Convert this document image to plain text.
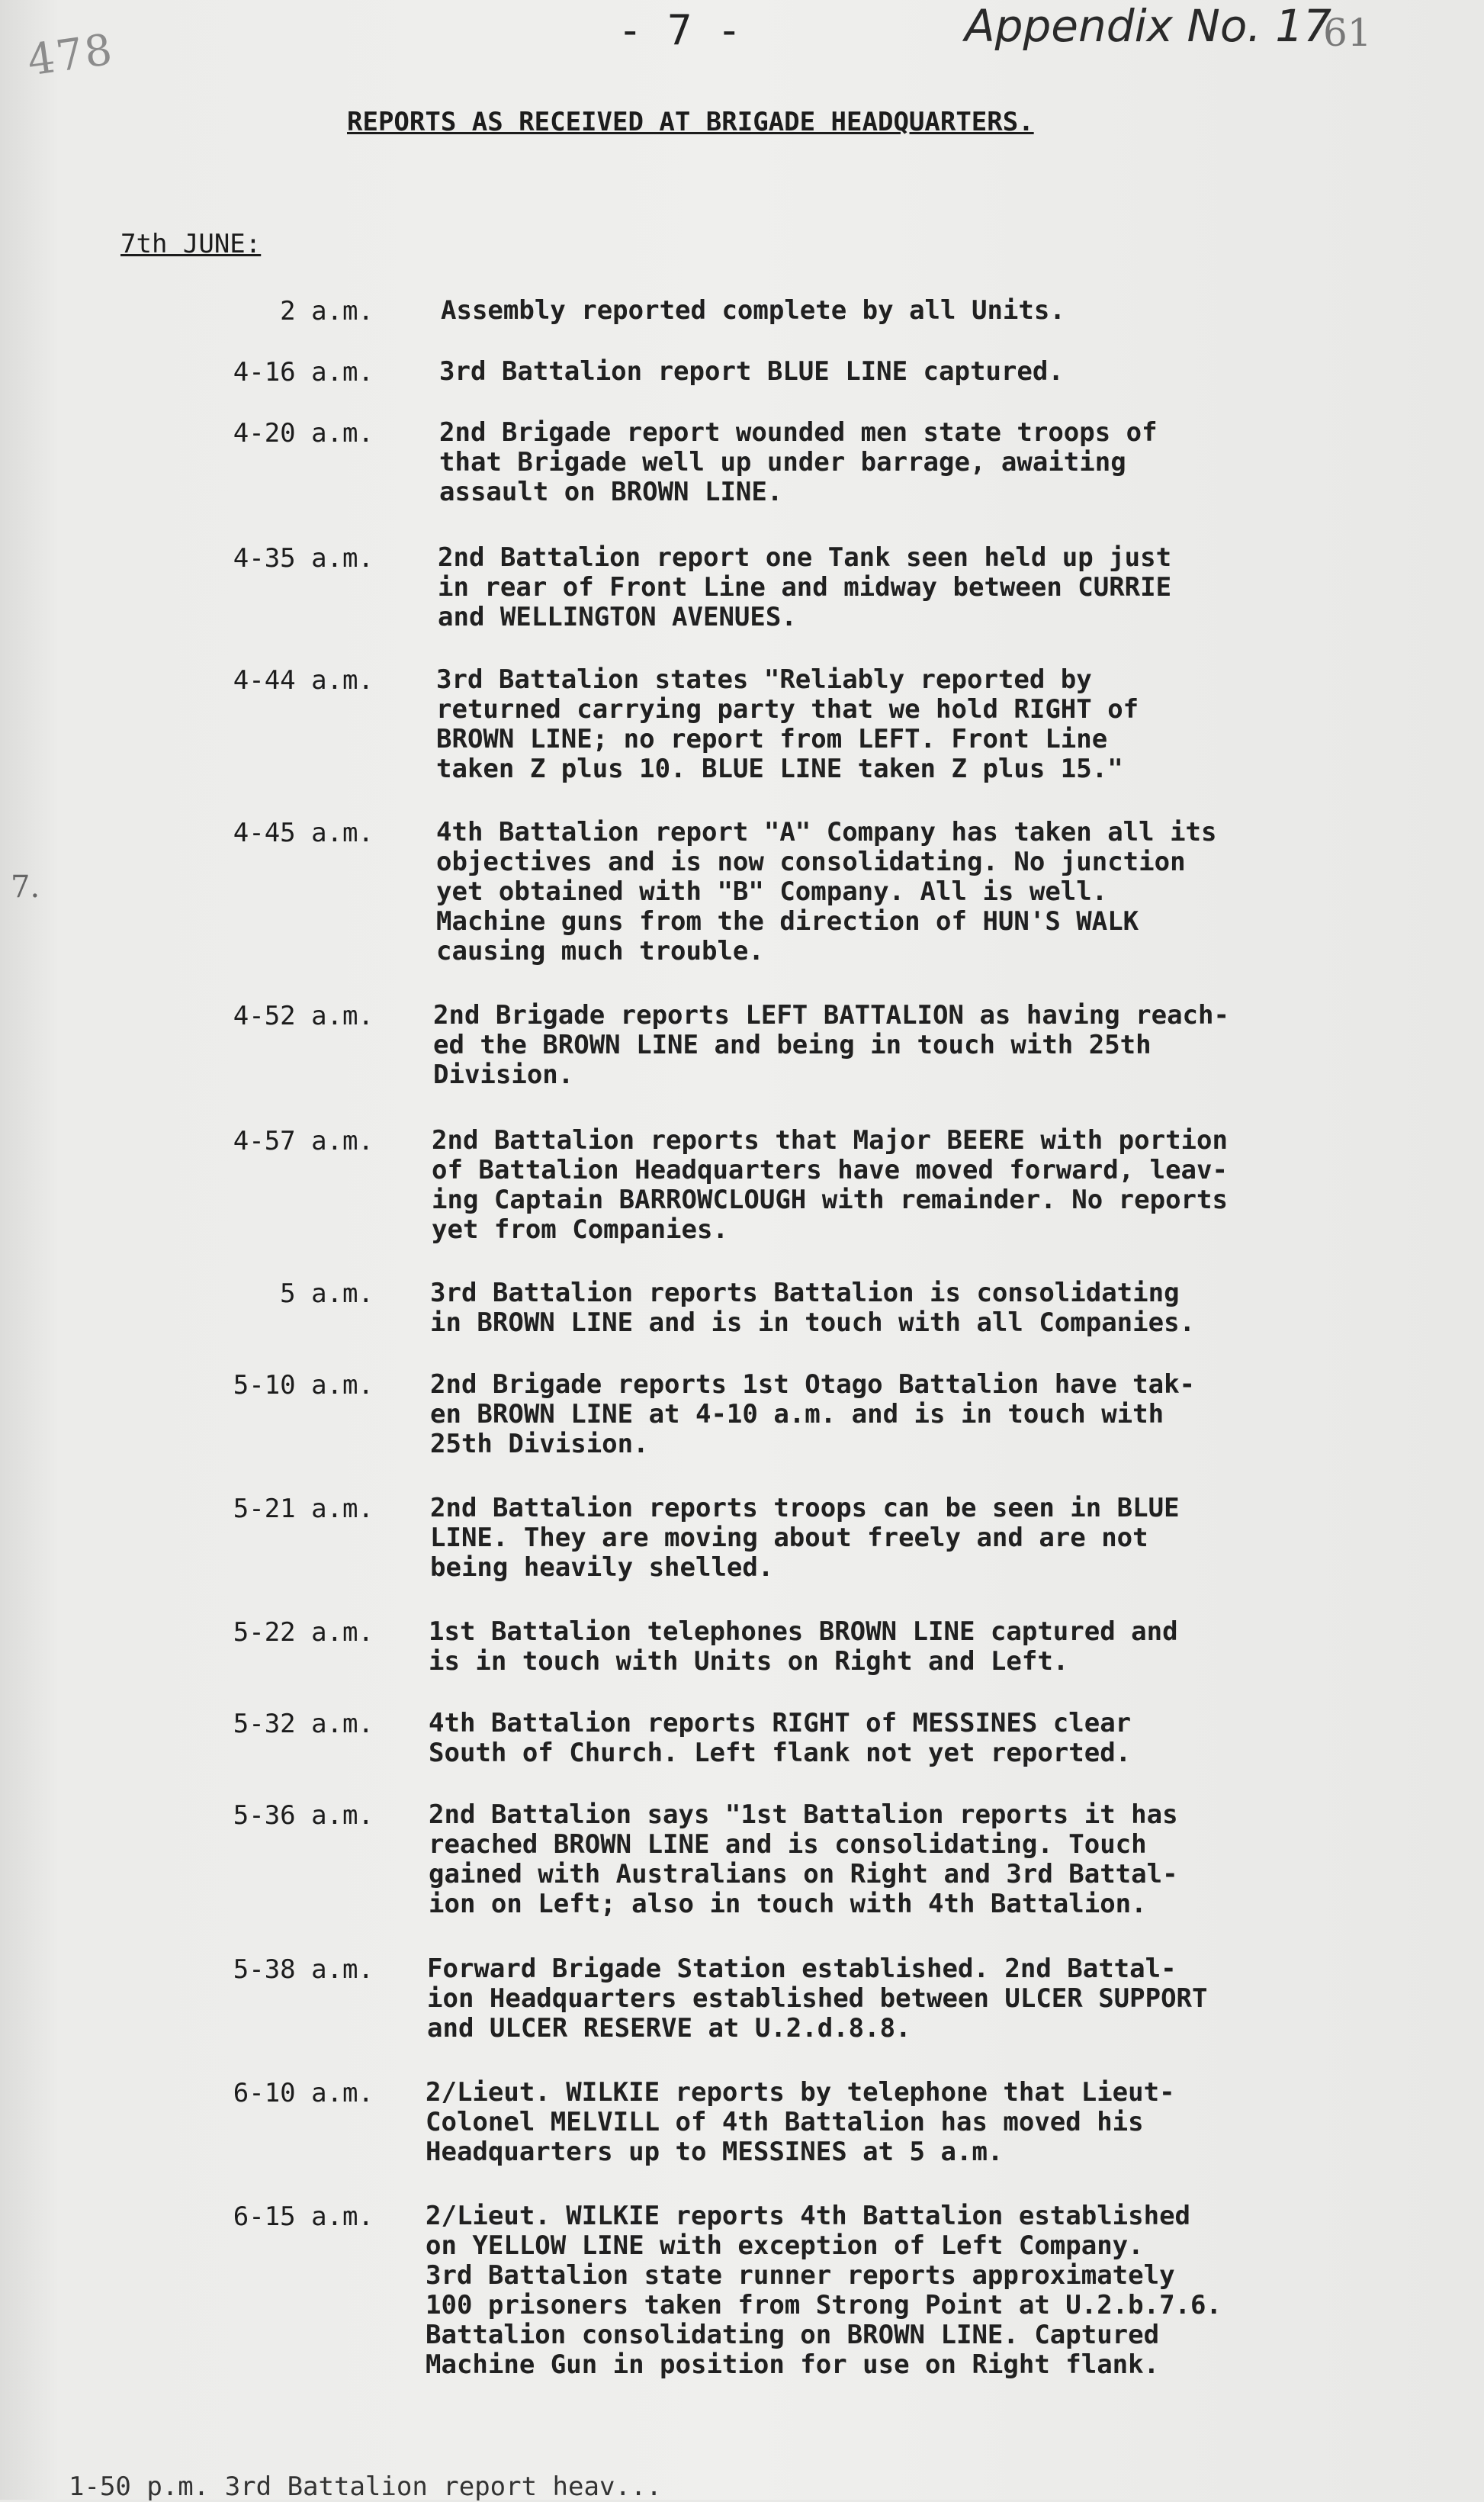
478	- 7 -	Appendix No. 17
61
REPORTS AS RECEIVED AT BRIGADE HEADQUARTERS.
7.
7th JUNE:
2 a.m.	Assembly reported complete by all Units.
4-16 a.m.	3rd Battalion report BLUE LINE captured.
4-20 a.m.	2nd Brigade report wounded men state troops of
that Brigade well up under barrage, awaiting
assault on BROWN LINE.
4-35 a.m. 2nd Battalion report one Tank seen held up just
in rear of Front Line and midway between CURRIE
and WELLINGTON AVENUES.
4-44 a.m. 3rd Battalion states "Reliably reported by
returned carrying party that we hold RIGHT of
BROWN LINE; no report from LEFT. Front Line
taken Z plus 10. BLUE LINE taken Z plus 15."
4-45 a.m. 4th Battalion report "A" Company has taken all its
objectives and is now consolidating. No junction
yet obtained with "B" Company. All is well.
Machine guns from the direction of HUN'S WALK
causing much trouble.
4-52 a.m. 2nd Brigade reports LEFT BATTALION as having reach-
ed the BROWN LINE and being in touch with 25th
Division.
4-57 a.m. 2nd Battalion reports that Major BEERE with portion
of Battalion Headquarters have moved forward, leav-
ing Captain BARROWCLOUGH with remainder. No reports
yet from Companies.
5 a.m. 3rd Battalion reports Battalion is consolidating
in BROWN LINE and is in touch with all Companies.
5-10 a.m. 2nd Brigade reports 1st Otago Battalion have tak-
en BROWN LINE at 4-10 a.m. and is in touch with
25th Division.
5-21 a.m. 2nd Battalion reports troops can be seen in BLUE
LINE. They are moving about freely and are not
being heavily shelled.
5-22 a.m. 1st Battalion telephones BROWN LINE captured and
is in touch with Units on Right and Left.
5-32 a.m. 4th Battalion reports RIGHT of MESSINES clear
South of Church. Left flank not yet reported.
5-36 a.m. 2nd Battalion says "1st Battalion reports it has
reached BROWN LINE and is consolidating. Touch
gained with Australians on Right and 3rd Battal-
ion on Left; also in touch with 4th Battalion.
5-38 a.m. Forward Brigade Station established. 2nd Battal-
ion Headquarters established between ULCER SUPPORT
and ULCER RESERVE at U.2.d.8.8.
6-10 a.m. 2/Lieut. WILKIE reports by telephone that Lieut-
Colonel MELVILL of 4th Battalion has moved his
Headquarters up to MESSINES at 5 a.m.
6-15 a.m. 2/Lieut. WILKIE reports 4th Battalion established
on YELLOW LINE with exception of Left Company.
3rd Battalion state runner reports approximately
100 prisoners taken from Strong Point at U.2.b.7.6.
Battalion consolidating on BROWN LINE. Captured
Machine Gun in position for use on Right flank.
1-50 p.m. 3rd Battalion report heav...
